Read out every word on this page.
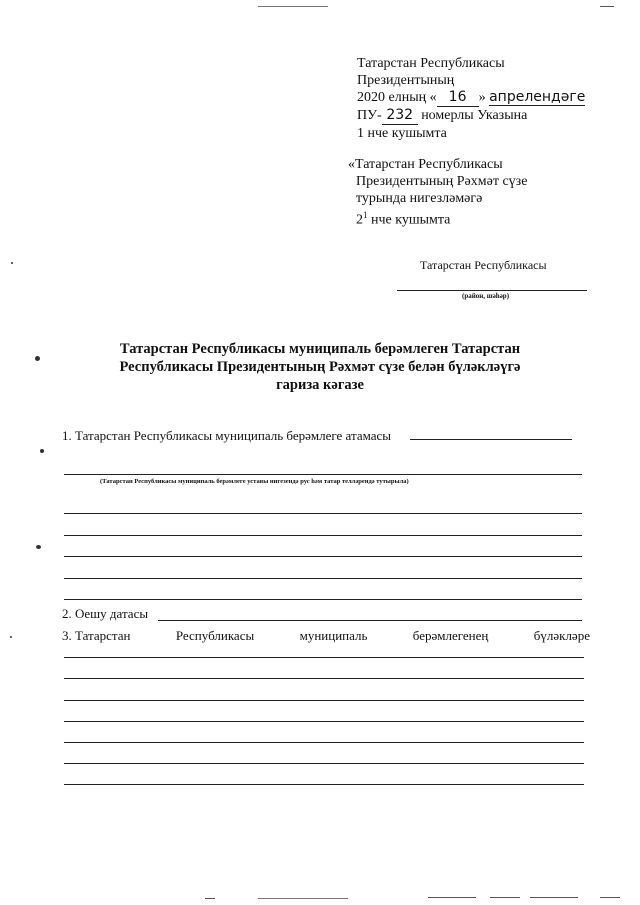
Татарстан Республикасы
Президентының
2020 елның « 16 » апрелендәге
ПУ- 232 номерлы Указына
1 нче кушымта
«Татарстан Республикасы
Президентының Рәхмәт сүзе
турында нигезләмәгә
$2^1$ нче кушымта
Татарстан Республикасы
(район, шәһәр)
Татарстан Республикасы муниципаль берәмлеген Татарстан
Республикасы Президентының Рәхмәт сүзе белән бүләкләүгә
гариза кәгазе
1. Татарстан Республикасы муниципаль берәмлеге атамасы
(Татарстан Республикасы муниципаль берәмлеге уставы нигезендә рус һәм татар телләрендә тутырыла)
2. Оешу датасы
3. Татарстан	Республикасы	муниципаль	берәмлегенең	бүләкләре
